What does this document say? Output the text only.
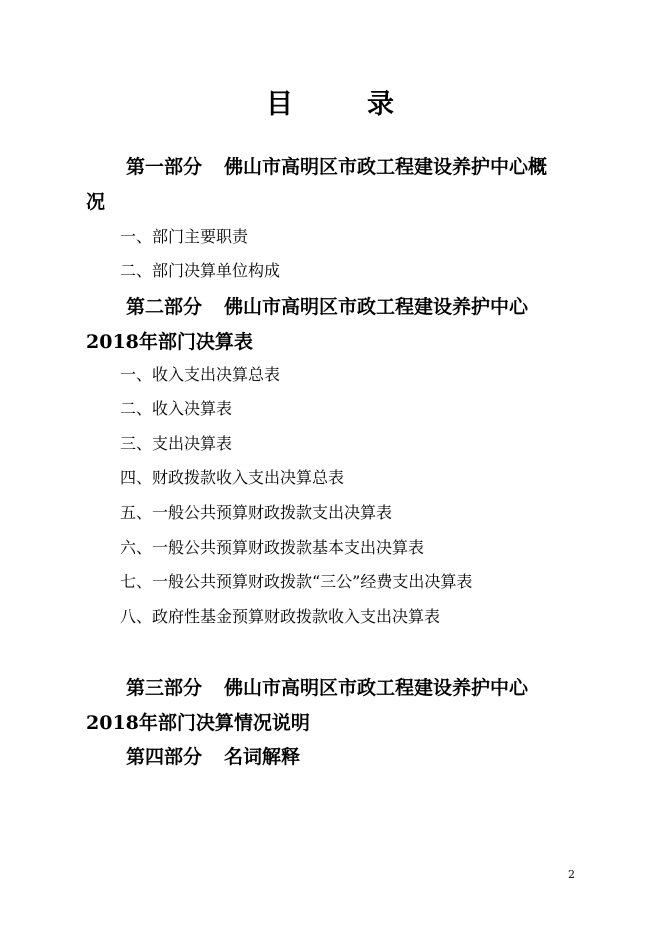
目	录
第一部分 佛山市高明区市政工程建设养护中心概
况
一、部门主要职责
二、部门决算单位构成
第二部分 佛山市高明区市政工程建设养护中心
2018年部门决算表
一、收入支出决算总表
二、收入决算表
三、支出决算表
四、财政拨款收入支出决算总表
五、一般公共预算财政拨款支出决算表
六、一般公共预算财政拨款基本支出决算表
七、一般公共预算财政拨款“三公”经费支出决算表
八、政府性基金预算财政拨款收入支出决算表
第三部分 佛山市高明区市政工程建设养护中心
2018年部门决算情况说明
第四部分 名词解释
2
